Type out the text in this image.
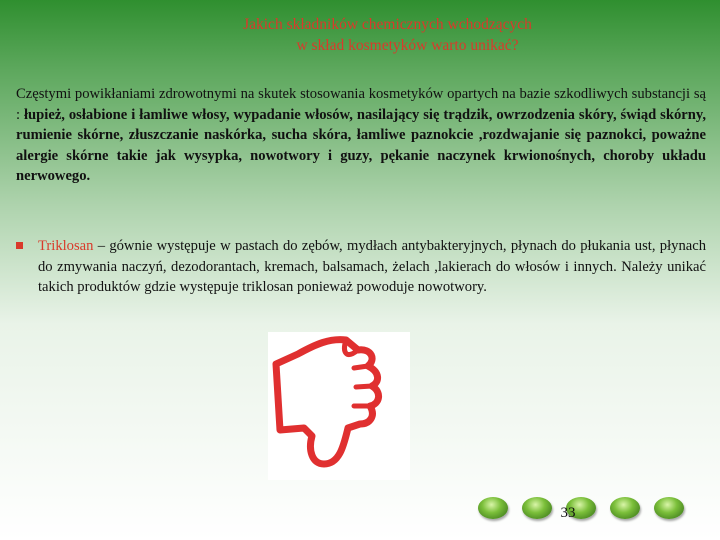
Jakich składników chemicznych wchodzących
w skład kosmetyków warto unikać?
Częstymi powikłaniami zdrowotnymi na skutek stosowania kosmetyków opartych na bazie szkodliwych substancji są : łupież, osłabione i łamliwe włosy, wypadanie włosów, nasilający się trądzik, owrzodzenia skóry, świąd skórny, rumienie skórne, złuszczanie naskórka, sucha skóra, łamliwe paznokcie ,rozdwajanie się paznokci, poważne alergie skórne takie jak wysypka, nowotwory i guzy, pękanie naczynek krwionośnych, choroby układu nerwowego.
Triklosan – gównie występuje w pastach do zębów, mydłach antybakteryjnych, płynach do płukania ust, płynach do zmywania naczyń, dezodorantach, kremach, balsamach, żelach ,lakierach do włosów i innych. Należy unikać takich produktów gdzie występuje triklosan ponieważ powoduje nowotwory.
33
